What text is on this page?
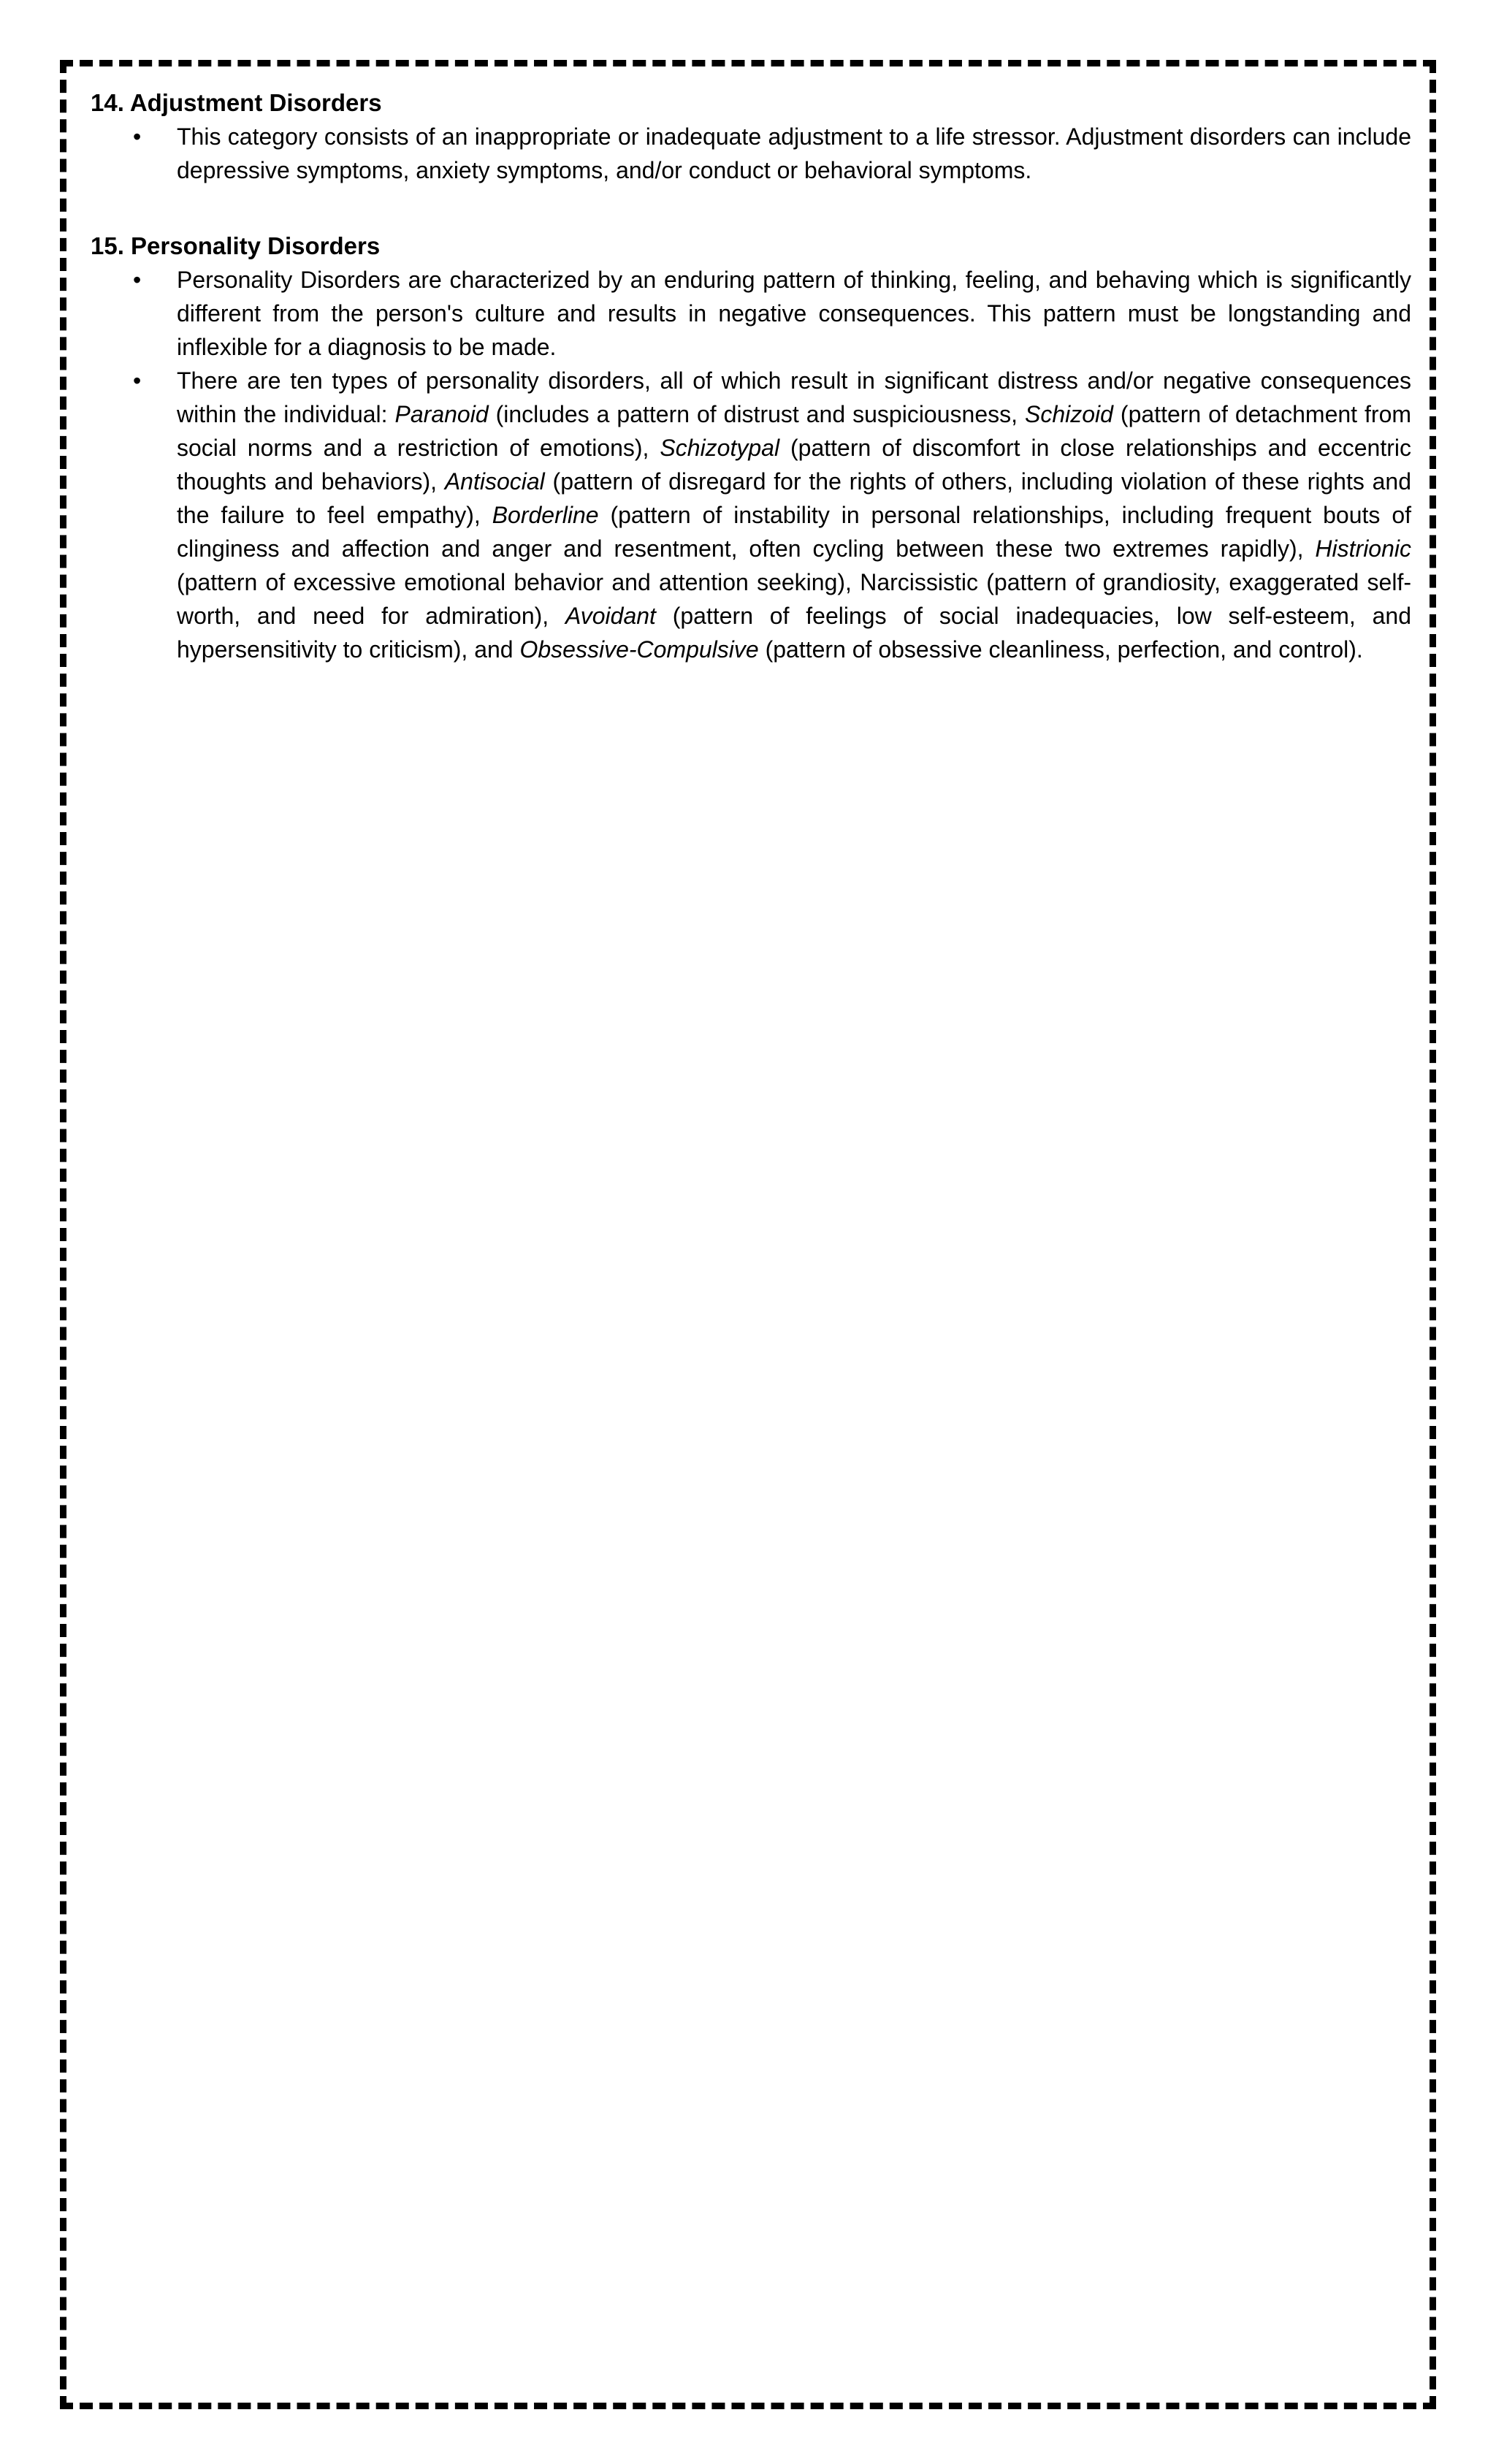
14. Adjustment Disorders
• This category consists of an inappropriate or inadequate adjustment to a life stressor. Adjustment disorders can include depressive symptoms, anxiety symptoms, and/or conduct or behavioral symptoms.
15. Personality Disorders
• Personality Disorders are characterized by an enduring pattern of thinking, feeling, and behaving which is significantly different from the person's culture and results in negative consequences. This pattern must be longstanding and inflexible for a diagnosis to be made.
• There are ten types of personality disorders, all of which result in significant distress and/or negative consequences within the individual: Paranoid (includes a pattern of distrust and suspiciousness, Schizoid (pattern of detachment from social norms and a restriction of emotions), Schizotypal (pattern of discomfort in close relationships and eccentric thoughts and behaviors), Antisocial (pattern of disregard for the rights of others, including violation of these rights and the failure to feel empathy), Borderline (pattern of instability in personal relationships, including frequent bouts of clinginess and affection and anger and resentment, often cycling between these two extremes rapidly), Histrionic (pattern of excessive emotional behavior and attention seeking), Narcissistic (pattern of grandiosity, exaggerated self-worth, and need for admiration), Avoidant (pattern of feelings of social inadequacies, low self-esteem, and hypersensitivity to criticism), and Obsessive-Compulsive (pattern of obsessive cleanliness, perfection, and control).
